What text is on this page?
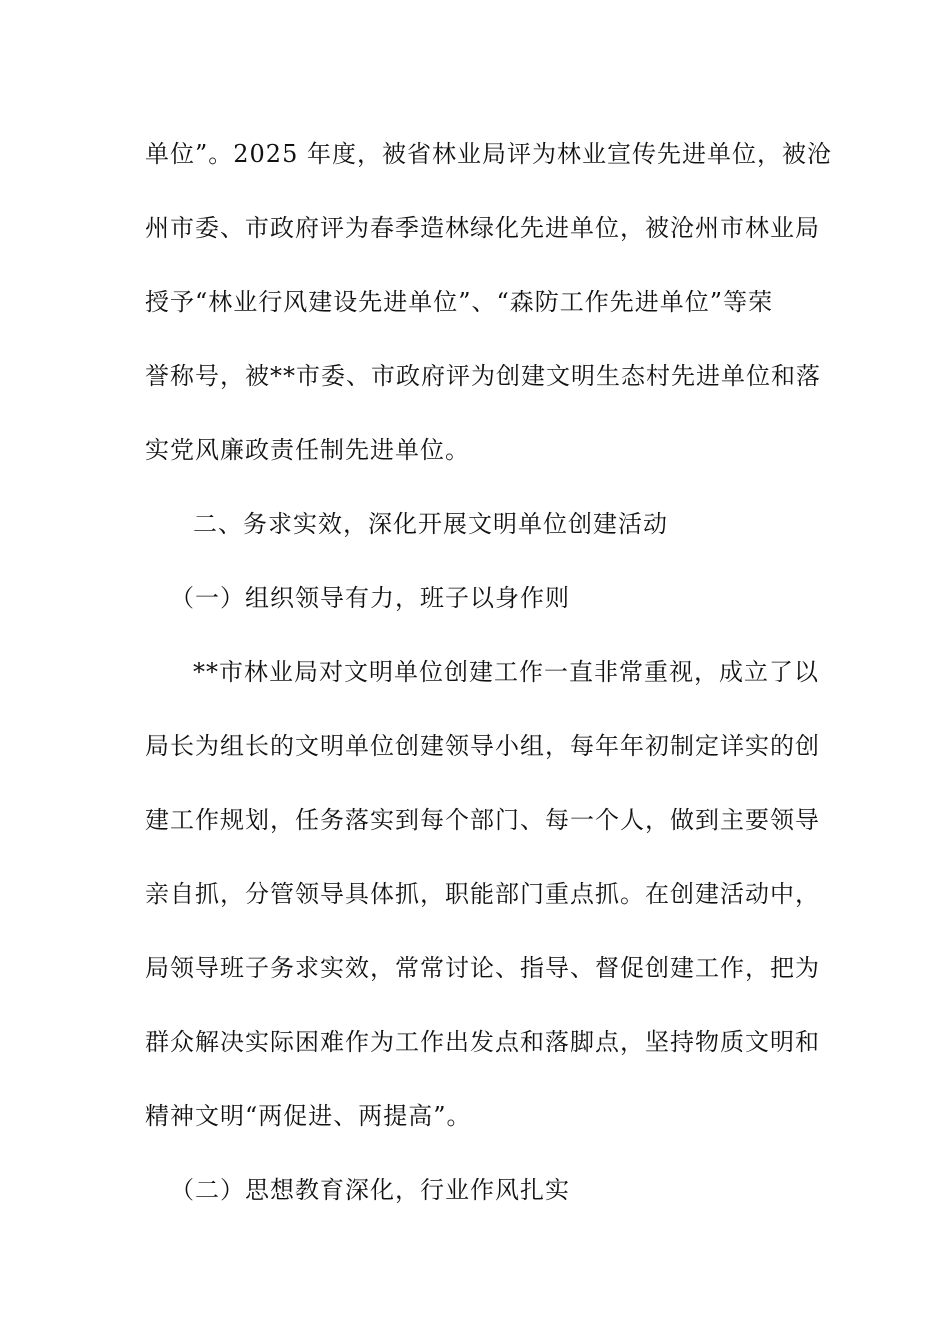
单位”。2025 年度，被省林业局评为林业宣传先进单位，被沧
州市委、市政府评为春季造林绿化先进单位，被沧州市林业局
授予“林业行风建设先进单位”、“森防工作先进单位”等荣
誉称号，被**市委、市政府评为创建文明生态村先进单位和落
实党风廉政责任制先进单位。
二、务求实效，深化开展文明单位创建活动
（一）组织领导有力，班子以身作则
**市林业局对文明单位创建工作一直非常重视，成立了以
局长为组长的文明单位创建领导小组，每年年初制定详实的创
建工作规划，任务落实到每个部门、每一个人，做到主要领导
亲自抓，分管领导具体抓，职能部门重点抓。在创建活动中，
局领导班子务求实效，常常讨论、指导、督促创建工作，把为
群众解决实际困难作为工作出发点和落脚点，坚持物质文明和
精神文明“两促进、两提高”。
（二）思想教育深化，行业作风扎实
